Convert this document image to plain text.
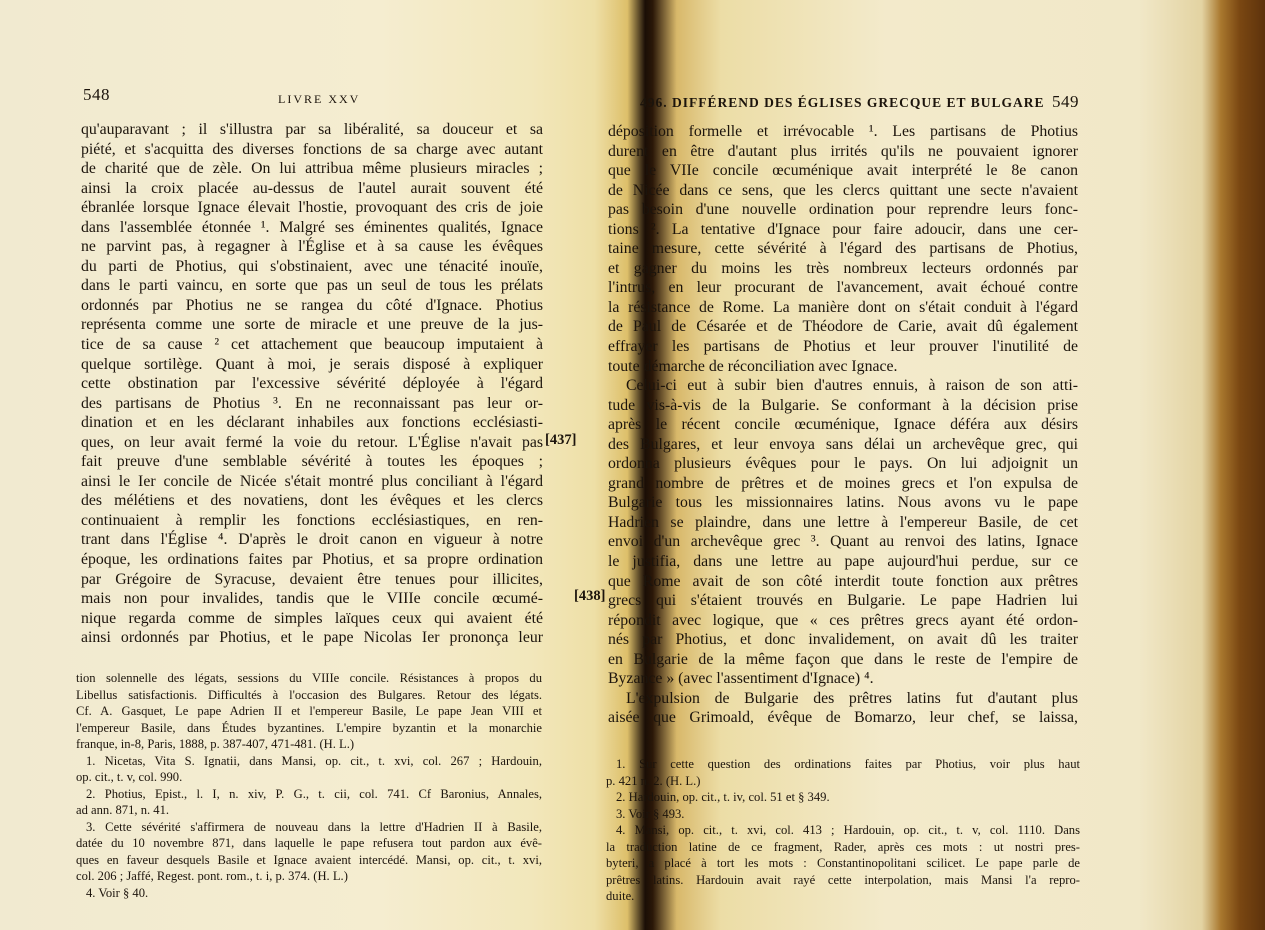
548	LIVRE XXV
qu'auparavant ; il s'illustra par sa libéralité, sa douceur et sa
piété, et s'acquitta des diverses fonctions de sa charge avec autant
de charité que de zèle. On lui attribua même plusieurs miracles ;
ainsi la croix placée au-dessus de l'autel aurait souvent été
ébranlée lorsque Ignace élevait l'hostie, provoquant des cris de joie
dans l'assemblée étonnée ¹. Malgré ses éminentes qualités, Ignace
ne parvint pas, à regagner à l'Église et à sa cause les évêques
du parti de Photius, qui s'obstinaient, avec une ténacité inouïe,
dans le parti vaincu, en sorte que pas un seul de tous les prélats
ordonnés par Photius ne se rangea du côté d'Ignace. Photius
représenta comme une sorte de miracle et une preuve de la jus-
tice de sa cause ² cet attachement que beaucoup imputaient à
quelque sortilège. Quant à moi, je serais disposé à expliquer
cette obstination par l'excessive sévérité déployée à l'égard
des partisans de Photius ³. En ne reconnaissant pas leur or-
dination et en les déclarant inhabiles aux fonctions ecclésiasti-
ques, on leur avait fermé la voie du retour. L'Église n'avait pas
fait preuve d'une semblable sévérité à toutes les époques ;
ainsi le Ier concile de Nicée s'était montré plus conciliant à l'égard
des mélétiens et des novatiens, dont les évêques et les clercs
continuaient à remplir les fonctions ecclésiastiques, en ren-
trant dans l'Église ⁴. D'après le droit canon en vigueur à notre
époque, les ordinations faites par Photius, et sa propre ordination
par Grégoire de Syracuse, devaient être tenues pour illicites,
mais non pour invalides, tandis que le VIIIe concile œcumé-
nique regarda comme de simples laïques ceux qui avaient été
ainsi ordonnés par Photius, et le pape Nicolas Ier prononça leur
tion solennelle des légats, sessions du VIIIe concile. Résistances à propos du
Libellus satisfactionis. Difficultés à l'occasion des Bulgares. Retour des légats.
Cf. A. Gasquet, Le pape Adrien II et l'empereur Basile, Le pape Jean VIII et
l'empereur Basile, dans Études byzantines. L'empire byzantin et la monarchie
franque, in-8, Paris, 1888, p. 387-407, 471-481. (H. L.)
1. Nicetas, Vita S. Ignatii, dans Mansi, op. cit., t. xvi, col. 267 ; Hardouin,
op. cit., t. v, col. 990.
2. Photius, Epist., l. I, n. xiv, P. G., t. cii, col. 741. Cf Baronius, Annales,
ad ann. 871, n. 41.
3. Cette sévérité s'affirmera de nouveau dans la lettre d'Hadrien II à Basile,
datée du 10 novembre 871, dans laquelle le pape refusera tout pardon aux évê-
ques en faveur desquels Basile et Ignace avaient intercédé. Mansi, op. cit., t. xvi,
col. 206 ; Jaffé, Regest. pont. rom., t. i, p. 374. (H. L.)
4. Voir § 40.
[437]
[438]
496. DIFFÉREND DES ÉGLISES GRECQUE ET BULGARE 549
déposition formelle et irrévocable ¹. Les partisans de Photius
durent en être d'autant plus irrités qu'ils ne pouvaient ignorer
que le VIIe concile œcuménique avait interprété le 8e canon
de Nicée dans ce sens, que les clercs quittant une secte n'avaient
pas besoin d'une nouvelle ordination pour reprendre leurs fonc-
tions ². La tentative d'Ignace pour faire adoucir, dans une cer-
taine mesure, cette sévérité à l'égard des partisans de Photius,
et gagner du moins les très nombreux lecteurs ordonnés par
l'intrus, en leur procurant de l'avancement, avait échoué contre
la résistance de Rome. La manière dont on s'était conduit à l'égard
de Paul de Césarée et de Théodore de Carie, avait dû également
effrayer les partisans de Photius et leur prouver l'inutilité de
toute démarche de réconciliation avec Ignace.
Celui-ci eut à subir bien d'autres ennuis, à raison de son atti-
tude vis-à-vis de la Bulgarie. Se conformant à la décision prise
après le récent concile œcuménique, Ignace déféra aux désirs
des Bulgares, et leur envoya sans délai un archevêque grec, qui
ordonna plusieurs évêques pour le pays. On lui adjoignit un
grand nombre de prêtres et de moines grecs et l'on expulsa de
Bulgarie tous les missionnaires latins. Nous avons vu le pape
Hadrien se plaindre, dans une lettre à l'empereur Basile, de cet
envoi d'un archevêque grec ³. Quant au renvoi des latins, Ignace
le justifia, dans une lettre au pape aujourd'hui perdue, sur ce
que Rome avait de son côté interdit toute fonction aux prêtres
grecs qui s'étaient trouvés en Bulgarie. Le pape Hadrien lui
répondit avec logique, que « ces prêtres grecs ayant été ordon-
nés par Photius, et donc invalidement, on avait dû les traiter
en Bulgarie de la même façon que dans le reste de l'empire de
Byzance » (avec l'assentiment d'Ignace) ⁴.
L'expulsion de Bulgarie des prêtres latins fut d'autant plus
aisée que Grimoald, évêque de Bomarzo, leur chef, se laissa,
1. Sur cette question des ordinations faites par Photius, voir plus haut
p. 421 n. 2. (H. L.)
2. Hardouin, op. cit., t. iv, col. 51 et § 349.
3. Voir § 493.
4. Mansi, op. cit., t. xvi, col. 413 ; Hardouin, op. cit., t. v, col. 1110. Dans
la traduction latine de ce fragment, Rader, après ces mots : ut nostri pres-
byteri, a placé à tort les mots : Constantinopolitani scilicet. Le pape parle de
prêtres latins. Hardouin avait rayé cette interpolation, mais Mansi l'a repro-
duite.
